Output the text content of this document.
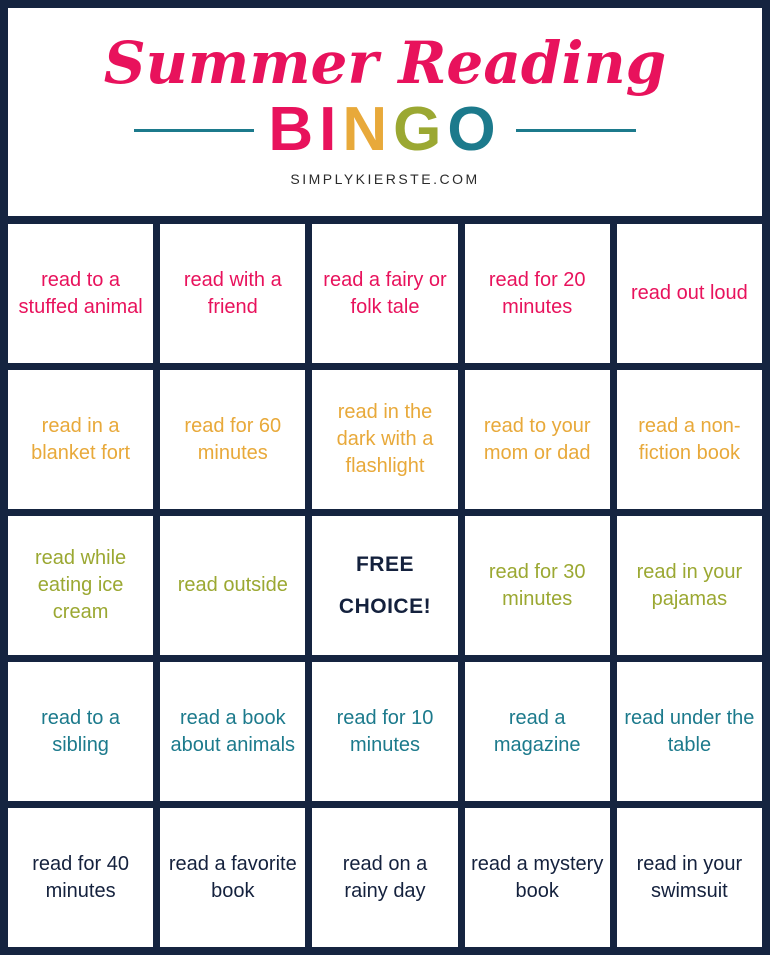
Summer Reading
BINGO
SIMPLYKIERSTE.COM
read to a stuffed animal
read with a friend
read a fairy or folk tale
read for 20 minutes
read out loud
read in a blanket fort
read for 60 minutes
read in the dark with a flashlight
read to your mom or dad
read a non-fiction book
read while eating ice cream
read outside
FREE
CHOICE!
read for 30 minutes
read in your pajamas
read to a sibling
read a book about animals
read for 10 minutes
read a magazine
read under the table
read for 40 minutes
read a favorite book
read on a rainy day
read a mystery book
read in your swimsuit
